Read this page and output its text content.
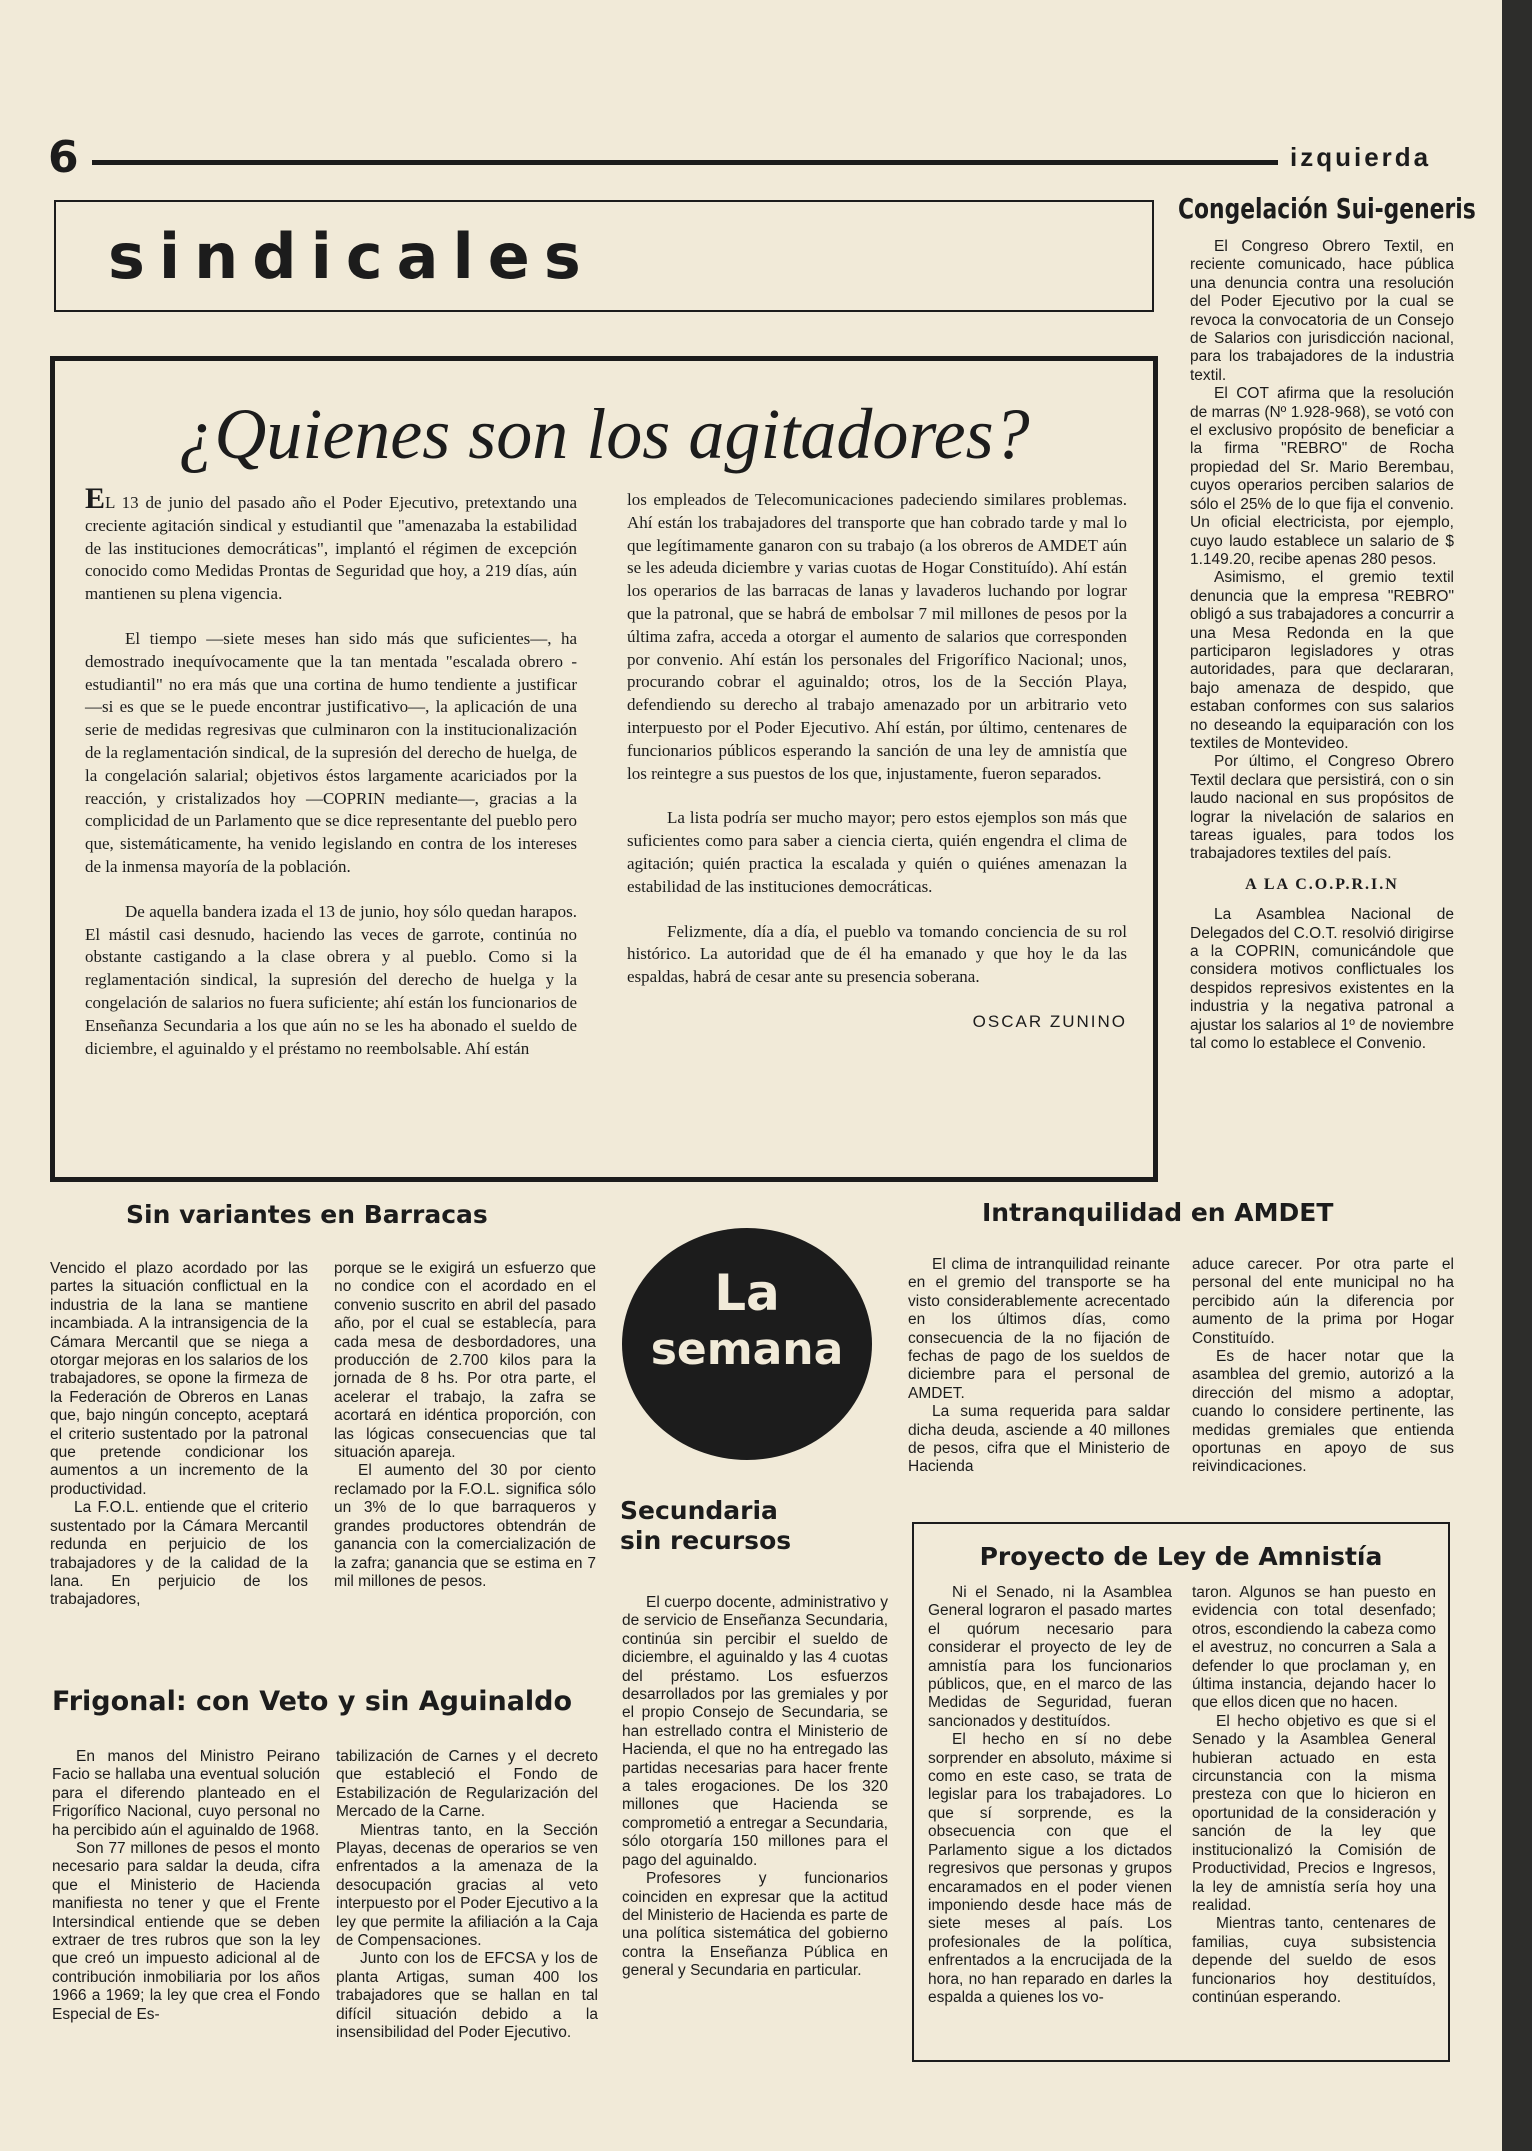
6	izquierda
sindicales
¿Quienes son los agitadores?

EL 13 de junio del pasado año el Poder Ejecutivo, pretextando una creciente agitación sindical y estudiantil que "amenazaba la estabilidad de las instituciones democráticas", implantó el régimen de excepción conocido como Medidas Prontas de Seguridad que hoy, a 219 días, aún mantienen su plena vigencia.

El tiempo —siete meses han sido más que suficientes—, ha demostrado inequívocamente que la tan mentada "escalada obrero - estudiantil" no era más que una cortina de humo tendiente a justificar —si es que se le puede encontrar justificativo—, la aplicación de una serie de medidas regresivas que culminaron con la institucionalización de la reglamentación sindical, de la supresión del derecho de huelga, de la congelación salarial; objetivos éstos largamente acariciados por la reacción, y cristalizados hoy —COPRIN mediante—, gracias a la complicidad de un Parlamento que se dice representante del pueblo pero que, sistemáticamente, ha venido legislando en contra de los intereses de la inmensa mayoría de la población.

De aquella bandera izada el 13 de junio, hoy sólo quedan harapos. El mástil casi desnudo, haciendo las veces de garrote, continúa no obstante castigando a la clase obrera y al pueblo. Como si la reglamentación sindical, la supresión del derecho de huelga y la congelación de salarios no fuera suficiente; ahí están los funcionarios de Enseñanza Secundaria a los que aún no se les ha abonado el sueldo de diciembre, el aguinaldo y el préstamo no reembolsable. Ahí están

los empleados de Telecomunicaciones padeciendo similares problemas. Ahí están los trabajadores del transporte que han cobrado tarde y mal lo que legítimamente ganaron con su trabajo (a los obreros de AMDET aún se les adeuda diciembre y varias cuotas de Hogar Constituído). Ahí están los operarios de las barracas de lanas y lavaderos luchando por lograr que la patronal, que se habrá de embolsar 7 mil millones de pesos por la última zafra, acceda a otorgar el aumento de salarios que corresponden por convenio. Ahí están los personales del Frigorífico Nacional; unos, procurando cobrar el aguinaldo; otros, los de la Sección Playa, defendiendo su derecho al trabajo amenazado por un arbitrario veto interpuesto por el Poder Ejecutivo. Ahí están, por último, centenares de funcionarios públicos esperando la sanción de una ley de amnistía que los reintegre a sus puestos de los que, injustamente, fueron separados.

La lista podría ser mucho mayor; pero estos ejemplos son más que suficientes como para saber a ciencia cierta, quién engendra el clima de agitación; quién practica la escalada y quién o quiénes amenazan la estabilidad de las instituciones democráticas.

Felizmente, día a día, el pueblo va tomando conciencia de su rol histórico. La autoridad que de él ha emanado y que hoy le da las espaldas, habrá de cesar ante su presencia soberana.

OSCAR ZUNINO
Congelación Sui-generis

El Congreso Obrero Textil, en reciente comunicado, hace pública una denuncia contra una resolución del Poder Ejecutivo por la cual se revoca la convocatoria de un Consejo de Salarios con jurisdicción nacional, para los trabajadores de la industria textil.

El COT afirma que la resolución de marras (Nº 1.928-968), se votó con el exclusivo propósito de beneficiar a la firma "REBRO" de Rocha propiedad del Sr. Mario Berembau, cuyos operarios perciben salarios de sólo el 25% de lo que fija el convenio. Un oficial electricista, por ejemplo, cuyo laudo establece un salario de $ 1.149.20, recibe apenas 280 pesos.

Asimismo, el gremio textil denuncia que la empresa "REBRO" obligó a sus trabajadores a concurrir a una Mesa Redonda en la que participaron legisladores y otras autoridades, para que declararan, bajo amenaza de despido, que estaban conformes con sus salarios no deseando la equiparación con los textiles de Montevideo.

Por último, el Congreso Obrero Textil declara que persistirá, con o sin laudo nacional en sus propósitos de lograr la nivelación de salarios en tareas iguales, para todos los trabajadores textiles del país.

A LA C.O.P.R.I.N

La Asamblea Nacional de Delegados del C.O.T. resolvió dirigirse a la COPRIN, comunicándole que considera motivos conflictuales los despidos represivos existentes en la industria y la negativa patronal a ajustar los salarios al 1º de noviembre tal como lo establece el Convenio.

Sin variantes en Barracas

Vencido el plazo acordado por las partes la situación conflictual en la industria de la lana se mantiene incambiada. A la intransigencia de la Cámara Mercantil que se niega a otorgar mejoras en los salarios de los trabajadores, se opone la firmeza de la Federación de Obreros en Lanas que, bajo ningún concepto, aceptará el criterio sustentado por la patronal que pretende condicionar los aumentos a un incremento de la productividad.

La F.O.L. entiende que el criterio sustentado por la Cámara Mercantil redunda en perjuicio de los trabajadores y de la calidad de la lana. En perjuicio de los trabajadores,

porque se le exigirá un esfuerzo que no condice con el acordado en el convenio suscrito en abril del pasado año, por el cual se establecía, para cada mesa de desbordadores, una producción de 2.700 kilos para la jornada de 8 hs. Por otra parte, el acelerar el trabajo, la zafra se acortará en idéntica proporción, con las lógicas consecuencias que tal situación apareja.

El aumento del 30 por ciento reclamado por la F.O.L. significa sólo un 3% de lo que barraqueros y grandes productores obtendrán de ganancia con la comercialización de la zafra; ganancia que se estima en 7 mil millones de pesos.

Frigonal: con Veto y sin Aguinaldo

En manos del Ministro Peirano Facio se hallaba una eventual solución para el diferendo planteado en el Frigorífico Nacional, cuyo personal no ha percibido aún el aguinaldo de 1968.

Son 77 millones de pesos el monto necesario para saldar la deuda, cifra que el Ministerio de Hacienda manifiesta no tener y que el Frente Intersindical entiende que se deben extraer de tres rubros que son la ley que creó un impuesto adicional al de contribución inmobiliaria por los años 1966 a 1969; la ley que crea el Fondo Especial de Es-

tabilización de Carnes y el decreto que estableció el Fondo de Estabilización de Regularización del Mercado de la Carne.

Mientras tanto, en la Sección Playas, decenas de operarios se ven enfrentados a la amenaza de la desocupación gracias al veto interpuesto por el Poder Ejecutivo a la ley que permite la afiliación a la Caja de Compensaciones.

Junto con los de EFCSA y los de planta Artigas, suman 400 los trabajadores que se hallan en tal difícil situación debido a la insensibilidad del Poder Ejecutivo.

La
semana
Secundaria
sin recursos

El cuerpo docente, administrativo y de servicio de Enseñanza Secundaria, continúa sin percibir el sueldo de diciembre, el aguinaldo y las 4 cuotas del préstamo. Los esfuerzos desarrollados por las gremiales y por el propio Consejo de Secundaria, se han estrellado contra el Ministerio de Hacienda, el que no ha entregado las partidas necesarias para hacer frente a tales erogaciones. De los 320 millones que Hacienda se comprometió a entregar a Secundaria, sólo otorgaría 150 millones para el pago del aguinaldo.

Profesores y funcionarios coinciden en expresar que la actitud del Ministerio de Hacienda es parte de una política sistemática del gobierno contra la Enseñanza Pública en general y Secundaria en particular.

Intranquilidad en AMDET

El clima de intranquilidad reinante en el gremio del transporte se ha visto considerablemente acrecentado en los últimos días, como consecuencia de la no fijación de fechas de pago de los sueldos de diciembre para el personal de AMDET.

La suma requerida para saldar dicha deuda, asciende a 40 millones de pesos, cifra que el Ministerio de Hacienda

aduce carecer. Por otra parte el personal del ente municipal no ha percibido aún la diferencia por aumento de la prima por Hogar Constituído.

Es de hacer notar que la asamblea del gremio, autorizó a la dirección del mismo a adoptar, cuando lo considere pertinente, las medidas gremiales que entienda oportunas en apoyo de sus reivindicaciones.

Proyecto de Ley de Amnistía

Ni el Senado, ni la Asamblea General lograron el pasado martes el quórum necesario para considerar el proyecto de ley de amnistía para los funcionarios públicos, que, en el marco de las Medidas de Seguridad, fueran sancionados y destituídos.

El hecho en sí no debe sorprender en absoluto, máxime si como en este caso, se trata de legislar para los trabajadores. Lo que sí sorprende, es la obsecuencia con que el Parlamento sigue a los dictados regresivos que personas y grupos encaramados en el poder vienen imponiendo desde hace más de siete meses al país. Los profesionales de la política, enfrentados a la encrucijada de la hora, no han reparado en darles la espalda a quienes los vo-

taron. Algunos se han puesto en evidencia con total desenfado; otros, escondiendo la cabeza como el avestruz, no concurren a Sala a defender lo que proclaman y, en última instancia, dejando hacer lo que ellos dicen que no hacen.

El hecho objetivo es que si el Senado y la Asamblea General hubieran actuado en esta circunstancia con la misma presteza con que lo hicieron en oportunidad de la consideración y sanción de la ley que institucionalizó la Comisión de Productividad, Precios e Ingresos, la ley de amnistía sería hoy una realidad.

Mientras tanto, centenares de familias, cuya subsistencia depende del sueldo de esos funcionarios hoy destituídos, continúan esperando.
